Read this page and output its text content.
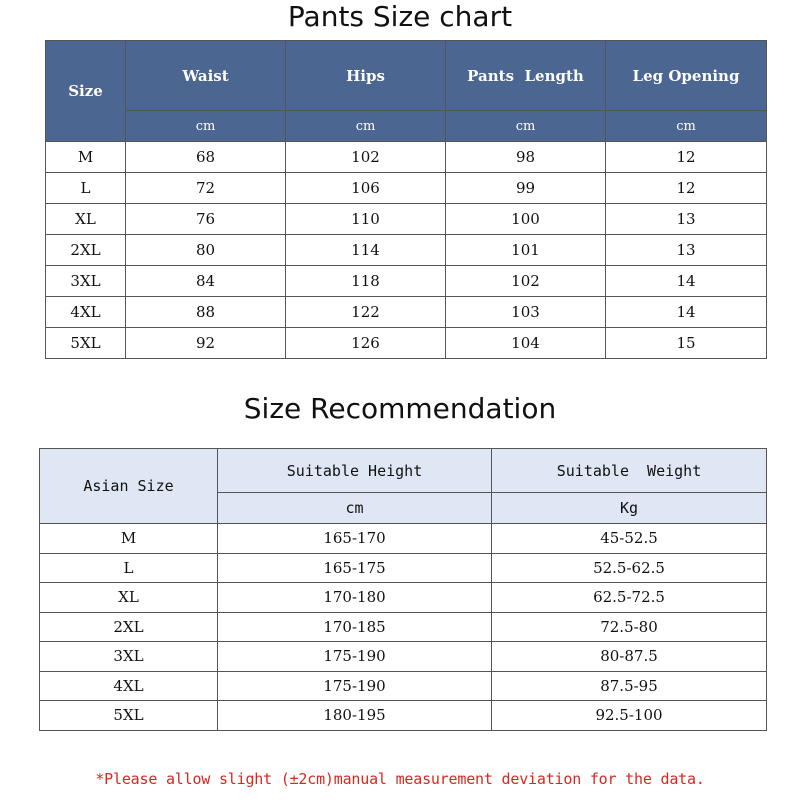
Pants Size chart
Size	Waist	Hips	Pants  Length	Leg Opening
	cm	cm	cm	cm
M	68	102	98	12
L	72	106	99	12
XL	76	110	100	13
2XL	80	114	101	13
3XL	84	118	102	14
4XL	88	122	103	14
5XL	92	126	104	15
Size Recommendation
Asian Size	Suitable Height	Suitable  Weight
	cm	Kg
M	165-170	45-52.5
L	165-175	52.5-62.5
XL	170-180	62.5-72.5
2XL	170-185	72.5-80
3XL	175-190	80-87.5
4XL	175-190	87.5-95
5XL	180-195	92.5-100
*Please allow slight (±2cm)manual measurement deviation for the data.
